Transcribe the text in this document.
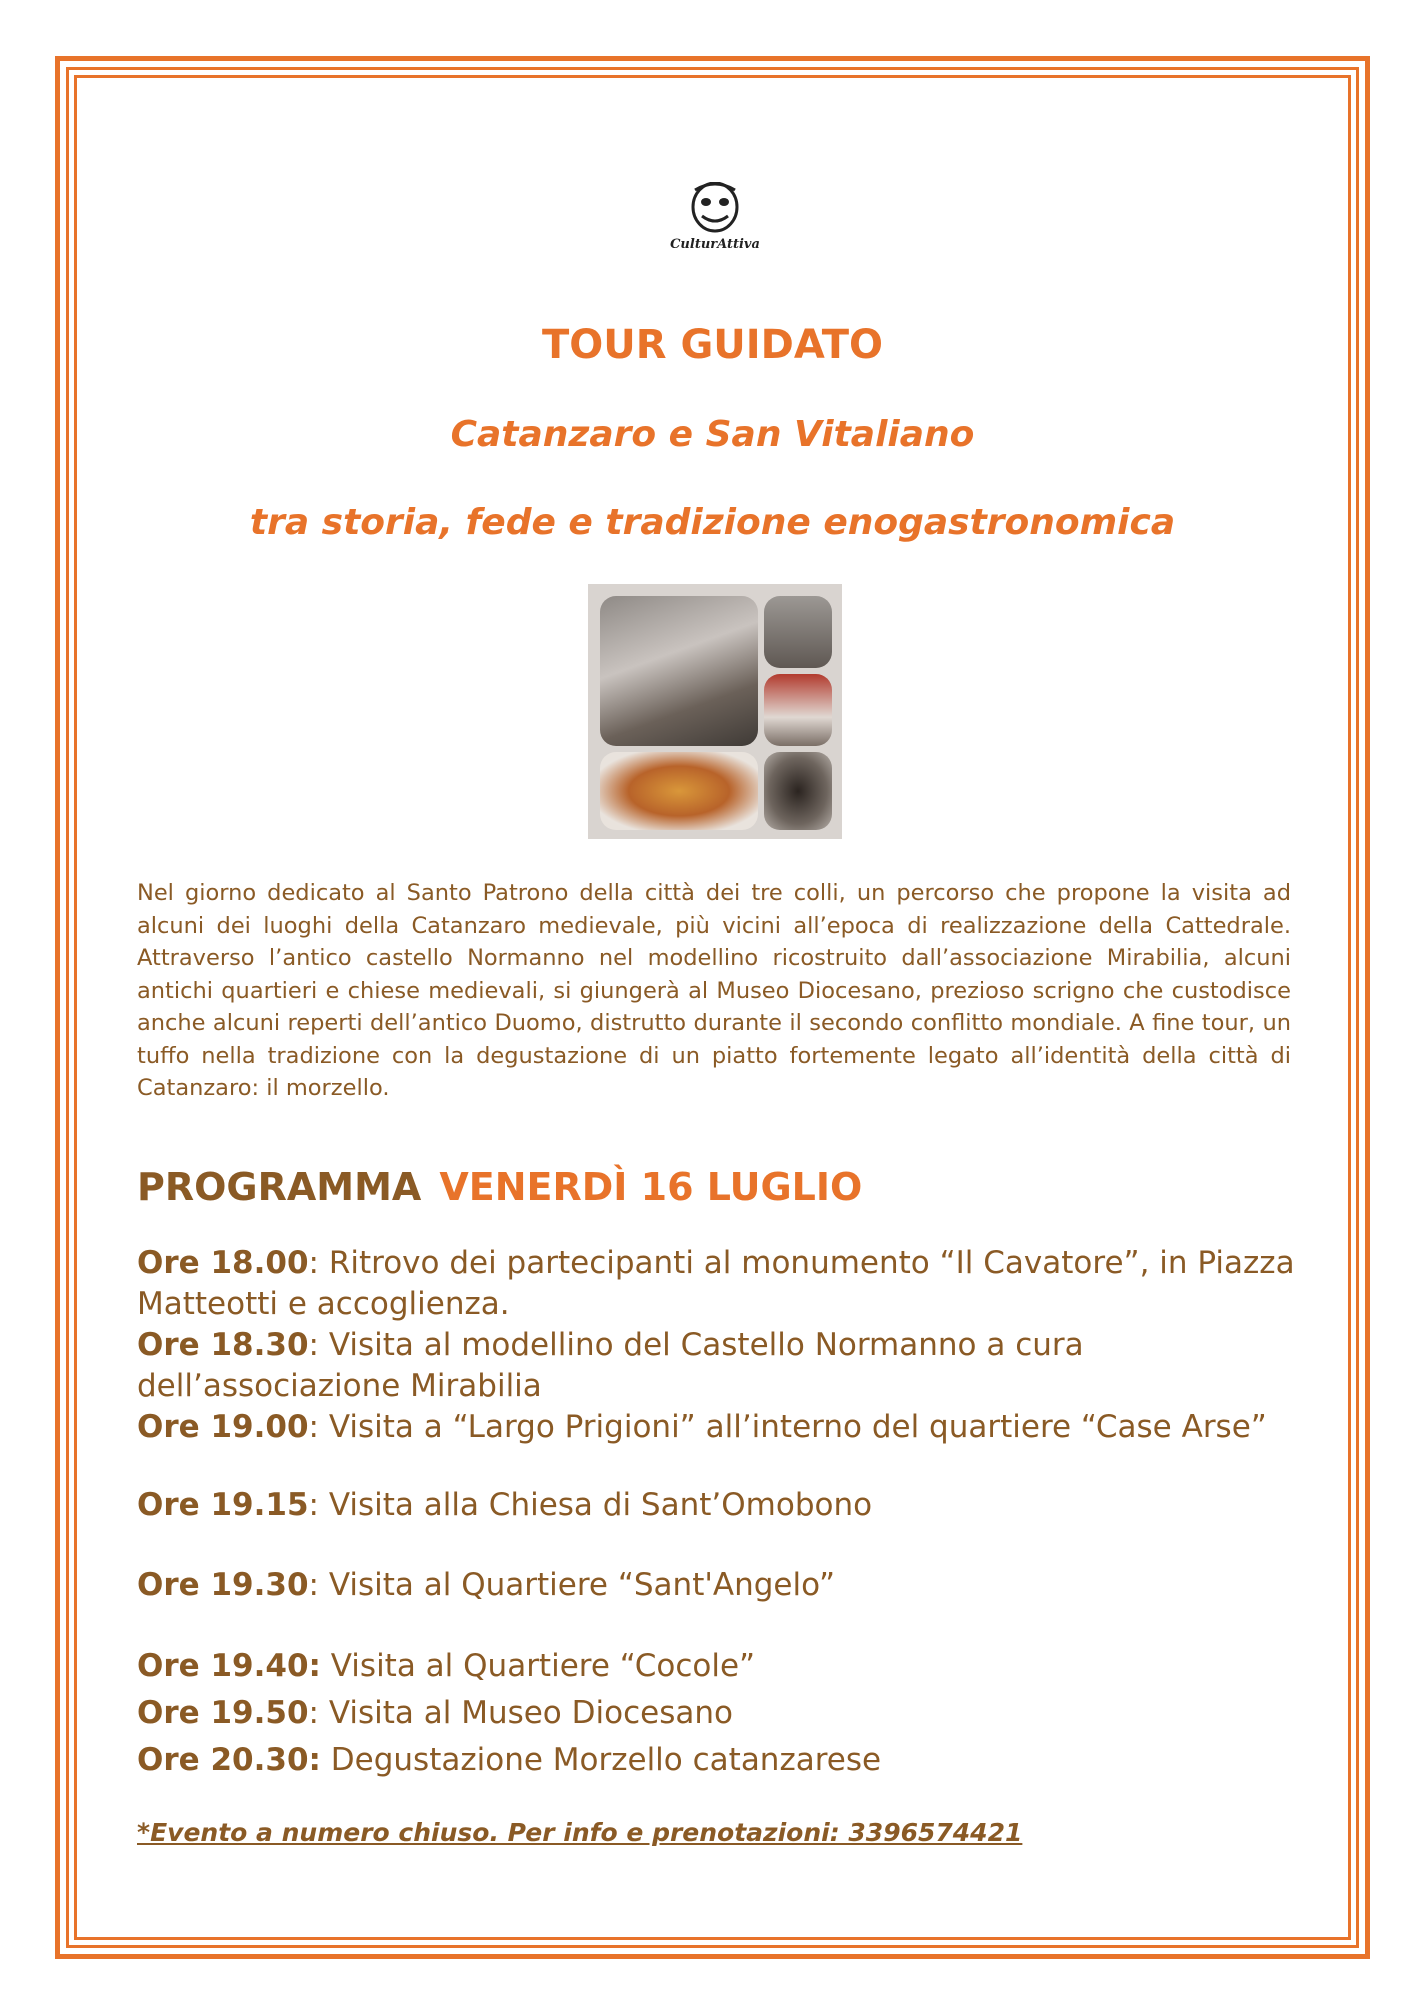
CulturAttiva
TOUR GUIDATO
Catanzaro e San Vitaliano
tra storia, fede e tradizione enogastronomica
Nel giorno dedicato al Santo Patrono della città dei tre colli, un percorso che propone la visita ad alcuni dei luoghi della Catanzaro medievale, più vicini all’epoca di realizzazione della Cattedrale. Attraverso l’antico castello Normanno nel modellino ricostruito dall’associazione Mirabilia, alcuni antichi quartieri e chiese medievali, si giungerà al Museo Diocesano, prezioso scrigno che custodisce anche alcuni reperti dell’antico Duomo, distrutto durante il secondo conflitto mondiale. A fine tour, un tuffo nella tradizione con la degustazione di un piatto fortemente legato all’identità della città di Catanzaro: il morzello.
PROGRAMMA VENERDÌ 16 LUGLIO
Ore 18.00: Ritrovo dei partecipanti al monumento “Il Cavatore”, in Piazza Matteotti e accoglienza.
Ore 18.30: Visita al modellino del Castello Normanno a cura dell’associazione Mirabilia
Ore 19.00: Visita a “Largo Prigioni” all’interno del quartiere “Case Arse”
Ore 19.15: Visita alla Chiesa di Sant’Omobono
Ore 19.30: Visita al Quartiere “Sant'Angelo”
Ore 19.40: Visita al Quartiere “Cocole”
Ore 19.50: Visita al Museo Diocesano
Ore 20.30: Degustazione Morzello catanzarese
*Evento a numero chiuso. Per info e prenotazioni: 3396574421
